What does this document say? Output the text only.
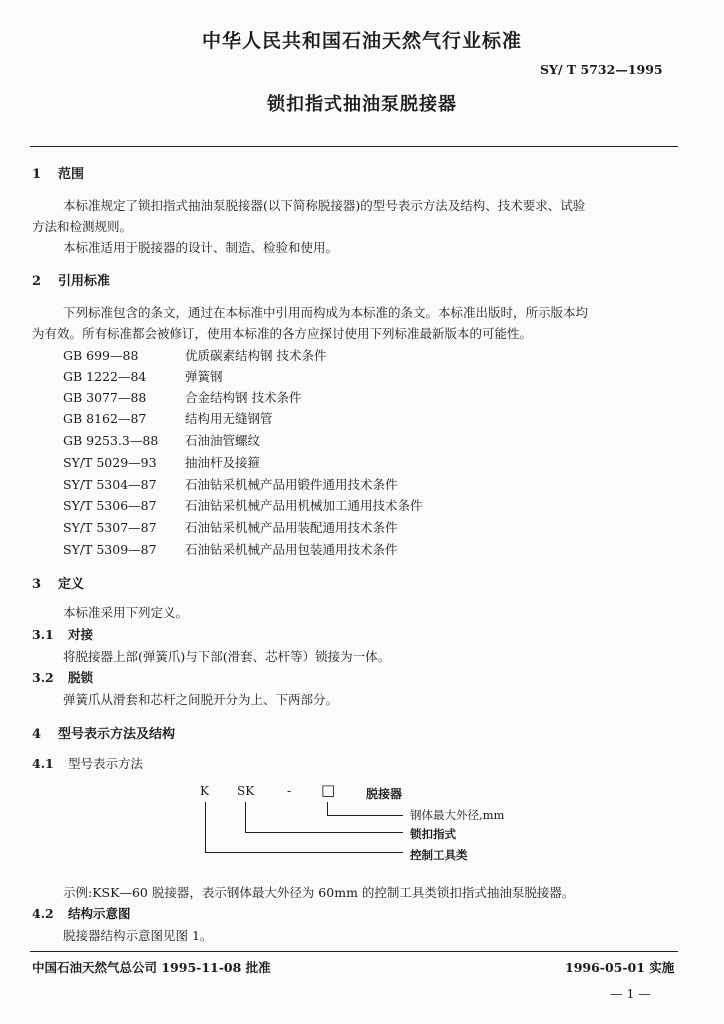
中华人民共和国石油天然气行业标准
SY/ T 5732—1995
锁扣指式抽油泵脱接器
1 范围
本标准规定了锁扣指式抽油泵脱接器(以下简称脱接器)的型号表示方法及结构、技术要求、试验
方法和检测规则。
本标准适用于脱接器的设计、制造、检验和使用。
2 引用标准
下列标准包含的条文，通过在本标准中引用而构成为本标准的条文。本标准出版时，所示版本均
为有效。所有标准都会被修订，使用本标准的各方应探讨使用下列标准最新版本的可能性。
GB 699—88	优质碳素结构钢 技术条件
GB 1222—84	弹簧钢
GB 3077—88	合金结构钢 技术条件
GB 8162—87	结构用无缝钢管
GB 9253.3—88 石油油管螺纹
SY/T 5029—93 抽油杆及接箍
SY/T 5304—87 石油钻采机械产品用锻件通用技术条件
SY/T 5306—87 石油钻采机械产品用机械加工通用技术条件
SY/T 5307—87 石油钻采机械产品用装配通用技术条件
SY/T 5309—87 石油钻采机械产品用包装通用技术条件
3 定义
本标准采用下列定义。
3.1 对接
将脱接器上部(弹簧爪)与下部(滑套、芯杆等）锁接为一体。
3.2 脱锁
弹簧爪从滑套和芯杆之间脱开分为上、下两部分。
4 型号表示方法及结构
4.1 型号表示方法
K SK	- □	脱接器
钢体最大外径,mm
锁扣指式
控制工具类
示例:KSK—60 脱接器，表示钢体最大外径为 60mm 的控制工具类锁扣指式抽油泵脱接器。
4.2 结构示意图
脱接器结构示意图见图 1。
中国石油天然气总公司 1995-11-08 批准	1996-05-01 实施
— 1 —
